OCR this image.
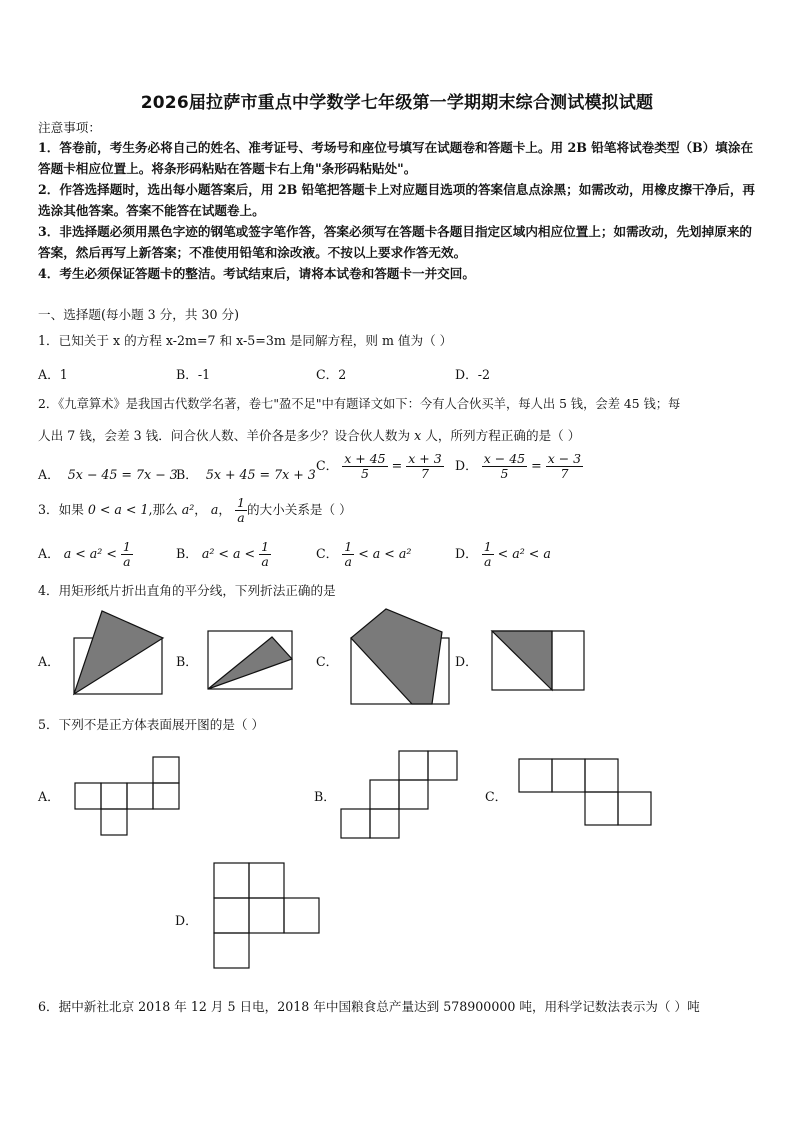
2026届拉萨市重点中学数学七年级第一学期期末综合测试模拟试题
注意事项：
1．答卷前，考生务必将自己的姓名、准考证号、考场号和座位号填写在试题卷和答题卡上。用 2B 铅笔将试卷类型（B）填涂在答题卡相应位置上。将条形码粘贴在答题卡右上角"条形码粘贴处"。
2．作答选择题时，选出每小题答案后，用 2B 铅笔把答题卡上对应题目选项的答案信息点涂黑；如需改动，用橡皮擦干净后，再选涂其他答案。答案不能答在试题卷上。
3．非选择题必须用黑色字迹的钢笔或签字笔作答，答案必须写在答题卡各题目指定区域内相应位置上；如需改动，先划掉原来的答案，然后再写上新答案；不准使用铅笔和涂改液。不按以上要求作答无效。
4．考生必须保证答题卡的整洁。考试结束后，请将本试卷和答题卡一并交回。
一、选择题(每小题 3 分，共 30 分)
1．已知关于 x 的方程 x-2m=7 和 x-5=3m 是同解方程，则 m 值为（ ）
A．1	B．-1	C．2	D．-2
2．《九章算术》是我国古代数学名著，卷七"盈不足"中有题译文如下：今有人合伙买羊，每人出 5 钱，会差 45 钱；每
人出 7 钱，会差 3 钱．问合伙人数、羊价各是多少？设合伙人数为 x 人，所列方程正确的是（ ）
A． 5x − 45 = 7x − 3
B． 5x + 45 = 7x + 3
C． $\frac{x + 45}{5} = \frac{x + 3}{7}$ D． $\frac{x - 45}{5} = \frac{x - 3}{7}$
3．如果 0 < a < 1,那么 a²， a， $\frac{1}{a}$ 的大小关系是（ ）
A． $a < a^2 < \frac{1}{a}$	B． $a^2 < a < \frac{1}{a}$	C． $\frac{1}{a} < a < a^2$	D． $\frac{1}{a} < a^2 < a$
4．用矩形纸片折出直角的平分线，下列折法正确的是
A．	B．	C．	D．
5．下列不是正方体表面展开图的是（ ）
A．	B．	C．
D．
6．据中新社北京 2018 年 12 月 5 日电，2018 年中国粮食总产量达到 578900000 吨，用科学记数法表示为（ ）吨
